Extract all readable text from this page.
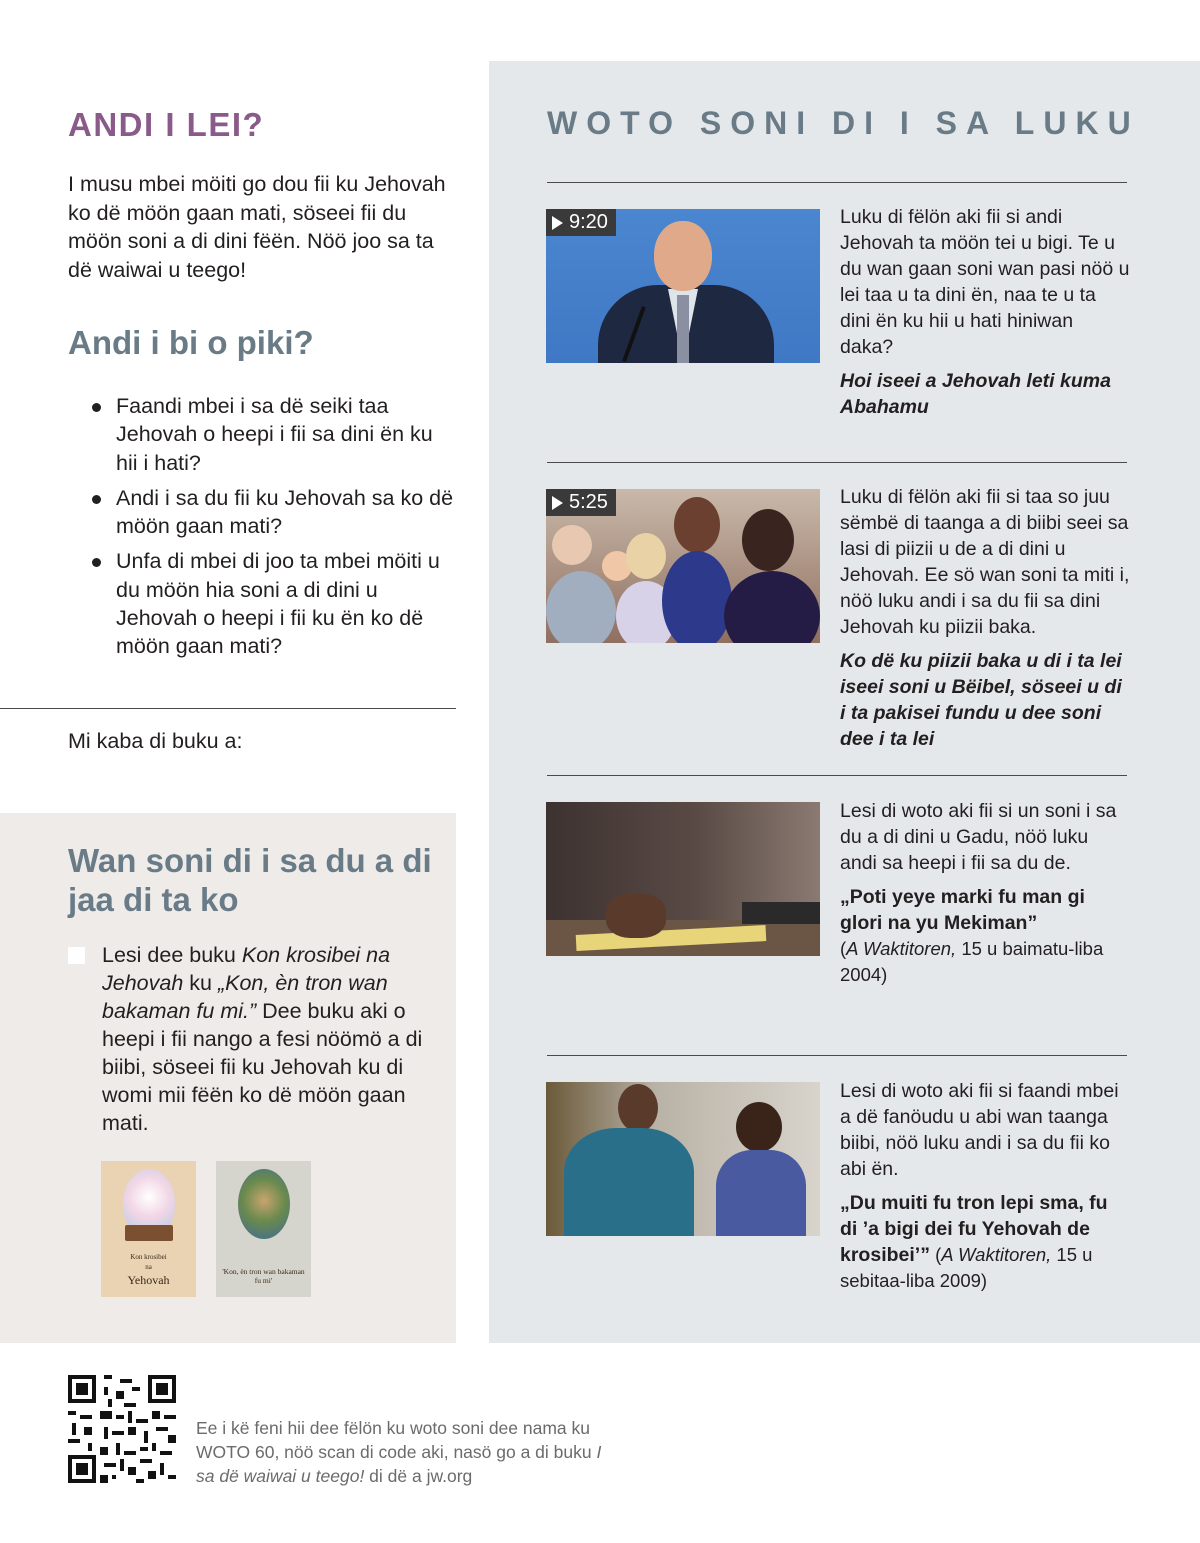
ANDI I LEI?

I musu mbei möiti go dou fii ku Jehovah ko dë möön gaan mati, söseei fii du möön soni a di dini fëën. Nöö joo sa ta dë waiwai u teego!

Andi i bi o piki?
Faandi mbei i sa dë seiki taa Jehovah o heepi i fii sa dini ën ku hii i hati?
Andi i sa du fii ku Jehovah sa ko dë möön gaan mati?
Unfa di mbei di joo ta mbei möiti u du möön hia soni a di dini u Jehovah o heepi i fii ku ën ko dë möön gaan mati?
Mi kaba di buku a:
Wan soni di i sa du a di jaa di ta ko

Lesi dee buku Kon krosibei na Jehovah ku „Kon, èn tron wan bakaman fu mi.” Dee buku aki o heepi i fii nango a fesi nöömö a di biibi, söseei fii ku Jehovah ku di womi mii fëën ko dë möön gaan mati.

Kon krosibei
na
Yehovah
'Kon, èn tron wan bakaman fu mi'
WOTO SONI DI I SA LUKU
9:20	Luku di fëlön aki fii si andi Jehovah ta möön tei u bigi. Te u du wan gaan soni wan pasi nöö u lei taa u ta dini ën, naa te u ta dini ën ku hii u hati hiniwan daka?

Hoi iseei a Jehovah leti kuma Abahamu

5:25	Luku di fëlön aki fii si taa so juu sëmbë di taanga a di biibi seei sa lasi di piizii u de a di dini u Jehovah. Ee sö wan soni ta miti i, nöö luku andi i sa du fii sa dini Jehovah ku piizii baka.

Ko dë ku piizii baka u di i ta lei iseei soni u Bëibel, söseei u di i ta pakisei fundu u dee soni dee i ta lei

Lesi di woto aki fii si un soni i sa du a di dini u Gadu, nöö luku andi sa heepi i fii sa du de.

„Poti yeye marki fu man gi glori na yu Mekiman”
(A Waktitoren, 15 u baimatu-liba 2004)

Lesi di woto aki fii si faandi mbei a dë fanöudu u abi wan taanga biibi, nöö luku andi i sa du fii ko abi ën.

„Du muiti fu tron lepi sma, fu di ’a bigi dei fu Yehovah de krosibei’” (A Waktitoren, 15 u sebitaa-liba 2009)

Ee i kë feni hii dee fëlön ku woto soni dee nama ku WOTO 60, nöö scan di code aki, nasö go a di buku I sa dë waiwai u teego! di dë a jw.org
